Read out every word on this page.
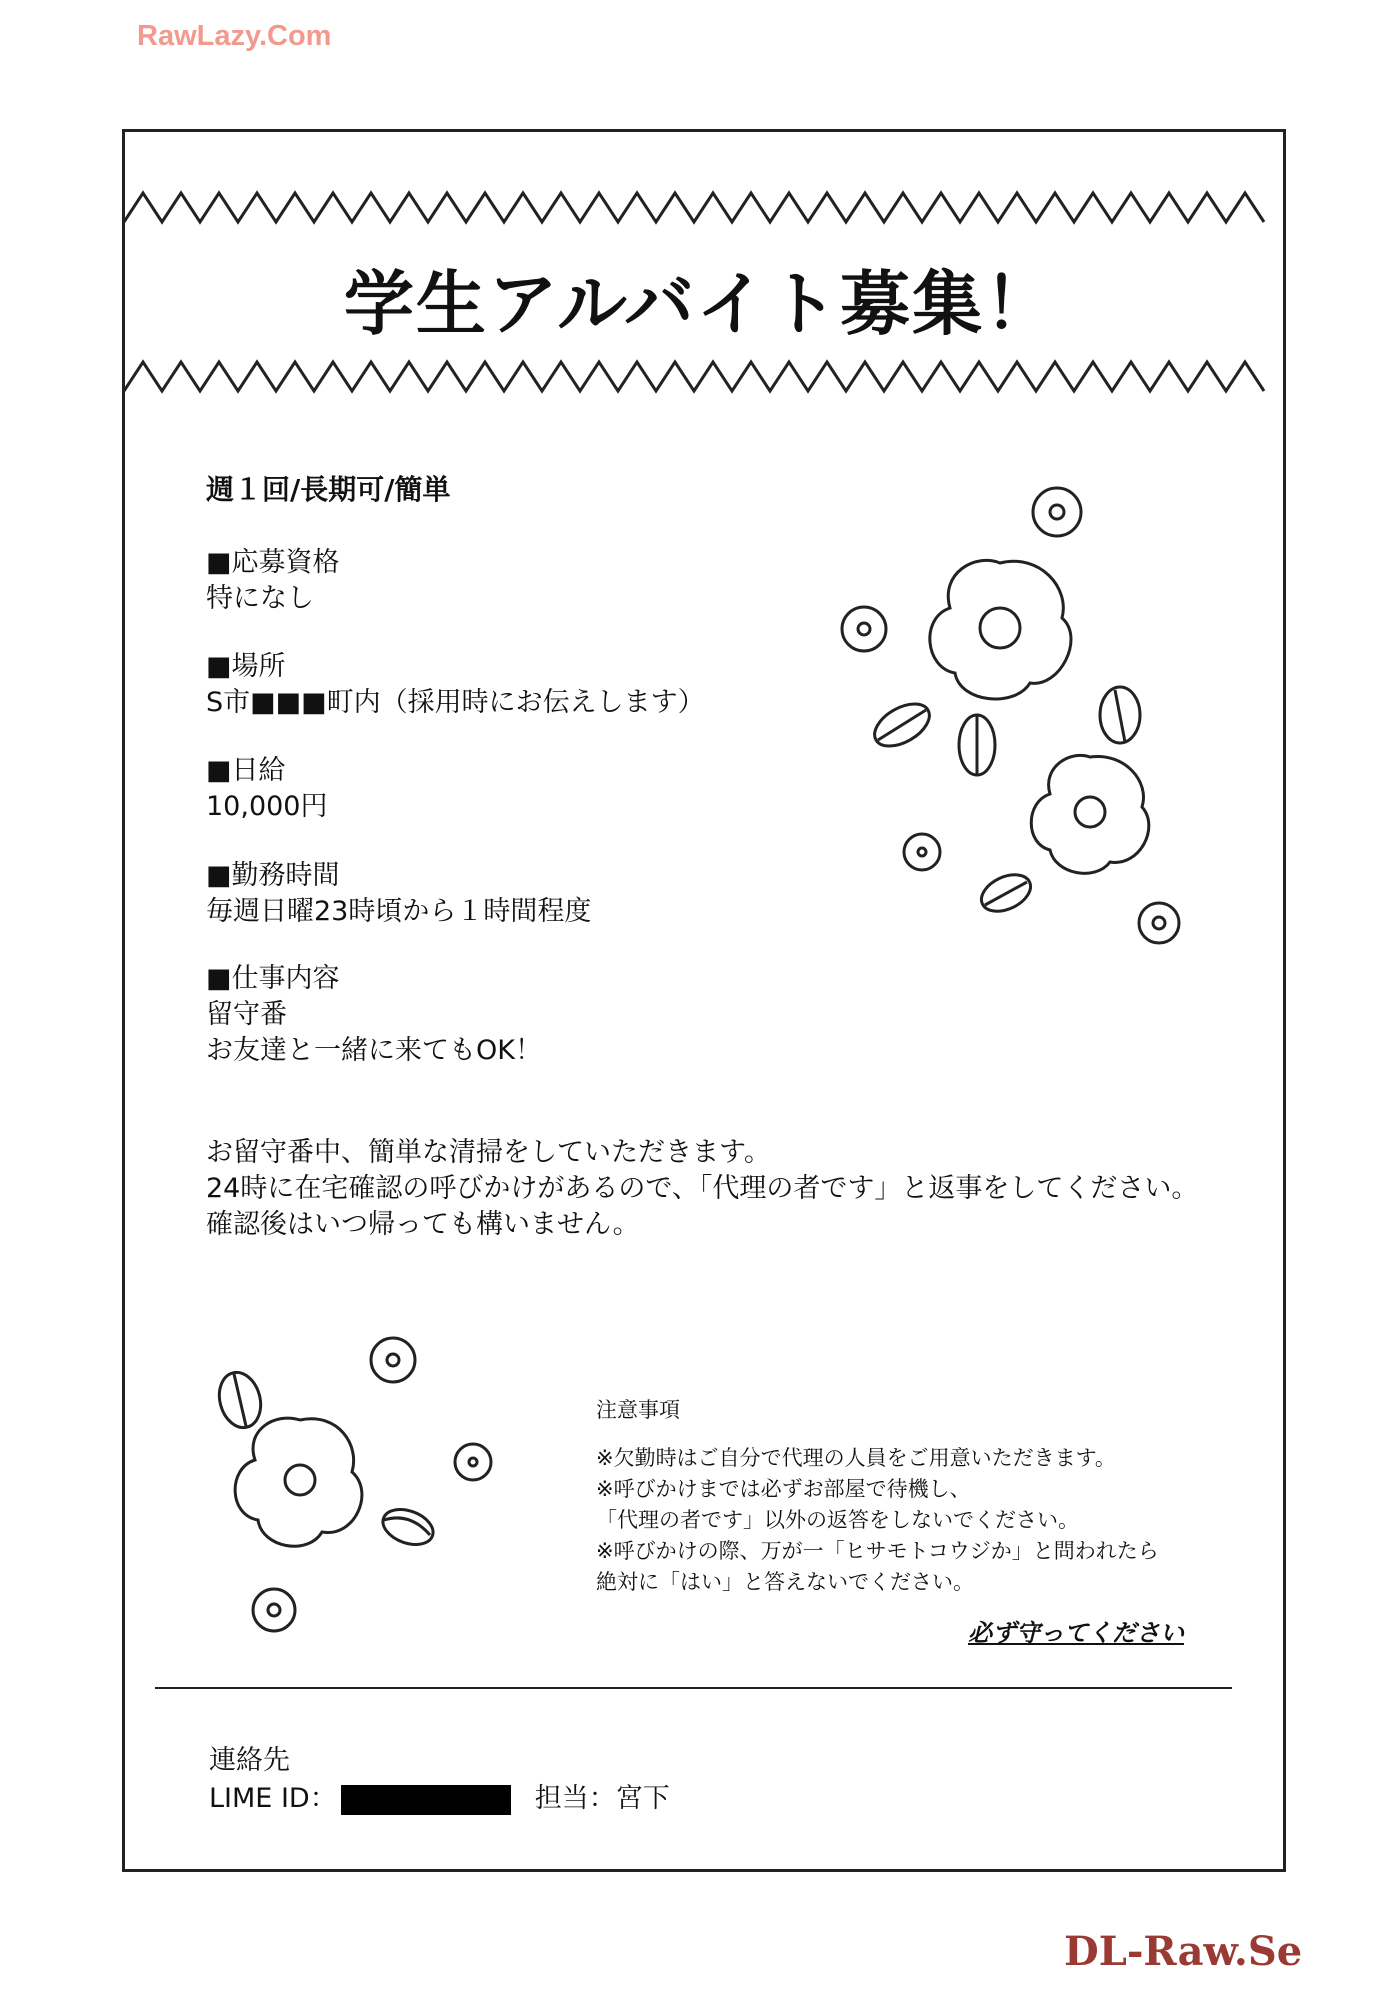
RawLazy.Com
学生アルバイト募集！
週１回/長期可/簡単
■応募資格
特になし
■場所
S市■■■町内（採用時にお伝えします）
■日給
10,000円
■勤務時間
毎週日曜23時頃から１時間程度
■仕事内容
留守番
お友達と一緒に来てもOK！
お留守番中、簡単な清掃をしていただきます。
24時に在宅確認の呼びかけがあるので、「代理の者です」と返事をしてください。
確認後はいつ帰っても構いません。
注意事項
※欠勤時はご自分で代理の人員をご用意いただきます。
※呼びかけまでは必ずお部屋で待機し、
「代理の者です」以外の返答をしないでください。
※呼びかけの際、万が一「ヒサモトコウジか」と問われたら
絶対に「はい」と答えないでください。
必ず守ってください
連絡先
LIME ID：	担当：宮下
DL-Raw.Se
